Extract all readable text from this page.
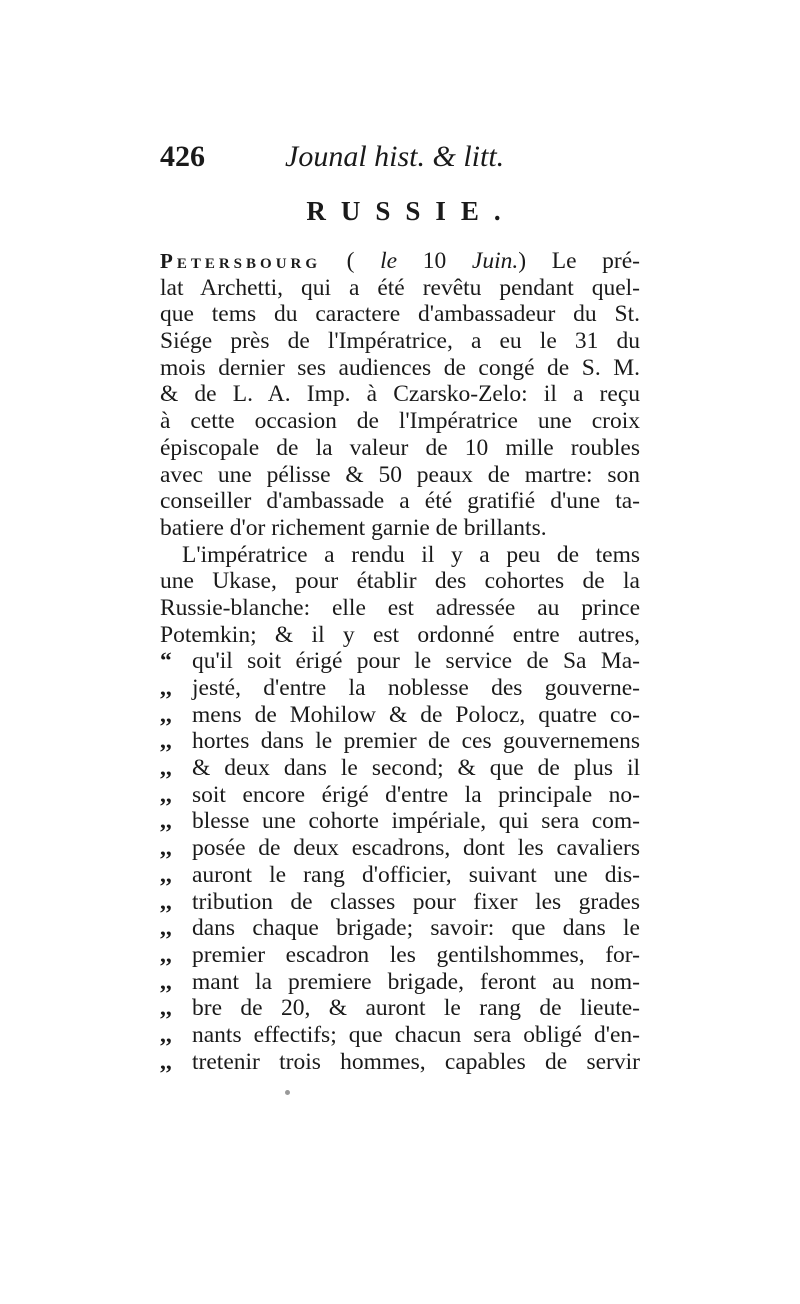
426	Jounal hist. & litt.
RUSSIE.
Petersbourg ( le 10 Juin.) Le pré-
lat Archetti, qui a été revêtu pendant quel-
que tems du caractere d'ambassadeur du St.
Siége près de l'Impératrice, a eu le 31 du
mois dernier ses audiences de congé de S. M.
& de L. A. Imp. à Czarsko-Zelo: il a reçu
à cette occasion de l'Impératrice une croix
épiscopale de la valeur de 10 mille roubles
avec une pélisse & 50 peaux de martre: son
conseiller d'ambassade a été gratifié d'une ta-
batiere d'or richement garnie de brillants.
L'impératrice a rendu il y a peu de tems
une Ukase, pour établir des cohortes de la
Russie-blanche: elle est adressée au prince
Potemkin; & il y est ordonné entre autres,
“ qu'il soit érigé pour le service de Sa Ma-
,, jesté, d'entre la noblesse des gouverne-
,, mens de Mohilow & de Polocz, quatre co-
,, hortes dans le premier de ces gouvernemens
,, & deux dans le second; & que de plus il
,, soit encore érigé d'entre la principale no-
,, blesse une cohorte impériale, qui sera com-
,, posée de deux escadrons, dont les cavaliers
,, auront le rang d'officier, suivant une dis-
,, tribution de classes pour fixer les grades
,, dans chaque brigade; savoir: que dans le
,, premier escadron les gentilshommes, for-
,, mant la premiere brigade, feront au nom-
,, bre de 20, & auront le rang de lieute-
,, nants effectifs; que chacun sera obligé d'en-
,, tretenir trois hommes, capables de servir
